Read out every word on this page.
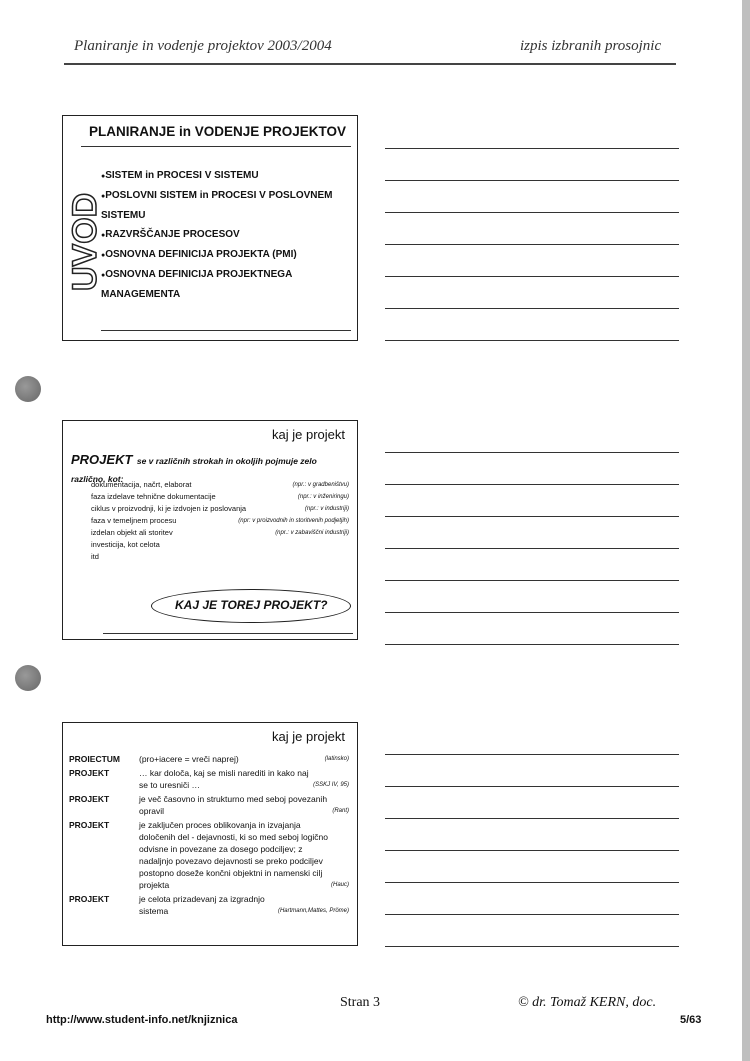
Planiranje in vodenje projektov 2003/2004	izpis izbranih prosojnic
PLANIRANJE in VODENJE PROJEKTOV
UVOD
● SISTEM in PROCESI V SISTEMU
● POSLOVNI SISTEM in PROCESI V POSLOVNEM SISTEMU
● RAZVRŠČANJE PROCESOV
● OSNOVNA DEFINICIJA PROJEKTA (PMI)
● OSNOVNA DEFINICIJA PROJEKTNEGA MANAGEMENTA
kaj je projekt
PROJEKT se v različnih strokah in okoljih pojmuje zelo različno, kot:
dokumentacija, načrt, elaborat	(npr.: v gradbeništvu)
faza izdelave tehnične dokumentacije	(npr.: v inženiringu)
ciklus v proizvodnji, ki je izdvojen iz poslovanja	(npr.: v industriji)
faza v temeljnem procesu	(npr: v proizvodnih in storitvenih podjetjih)
izdelan objekt ali storitev	(npr.: v zabaviščni industriji)
investicija, kot celota
itd
KAJ JE TOREJ PROJEKT?
kaj je projekt
PROIECTUM	(pro+iacere = vreči naprej)	(latinsko)
PROJEKT	… kar določa, kaj se misli narediti in kako naj se to uresniči …	(SSKJ IV, 95)
PROJEKT	je več časovno in strukturno med seboj povezanih opravil	(Rant)
PROJEKT	je zaključen proces oblikovanja in izvajanja določenih del - dejavnosti, ki so med seboj logično odvisne in povezane za dosego podciljev; z nadaljnjo povezavo dejavnosti se preko podciljev postopno doseže končni objektni in namenski cilj projekta	(Hauc)
PROJEKT	je celota prizadevanj za izgradnjo sistema	(Hartmann,Mattes, Pröme)
Stran 3	© dr. Tomaž KERN, doc.
http://www.student-info.net/knjiznica	5/63
